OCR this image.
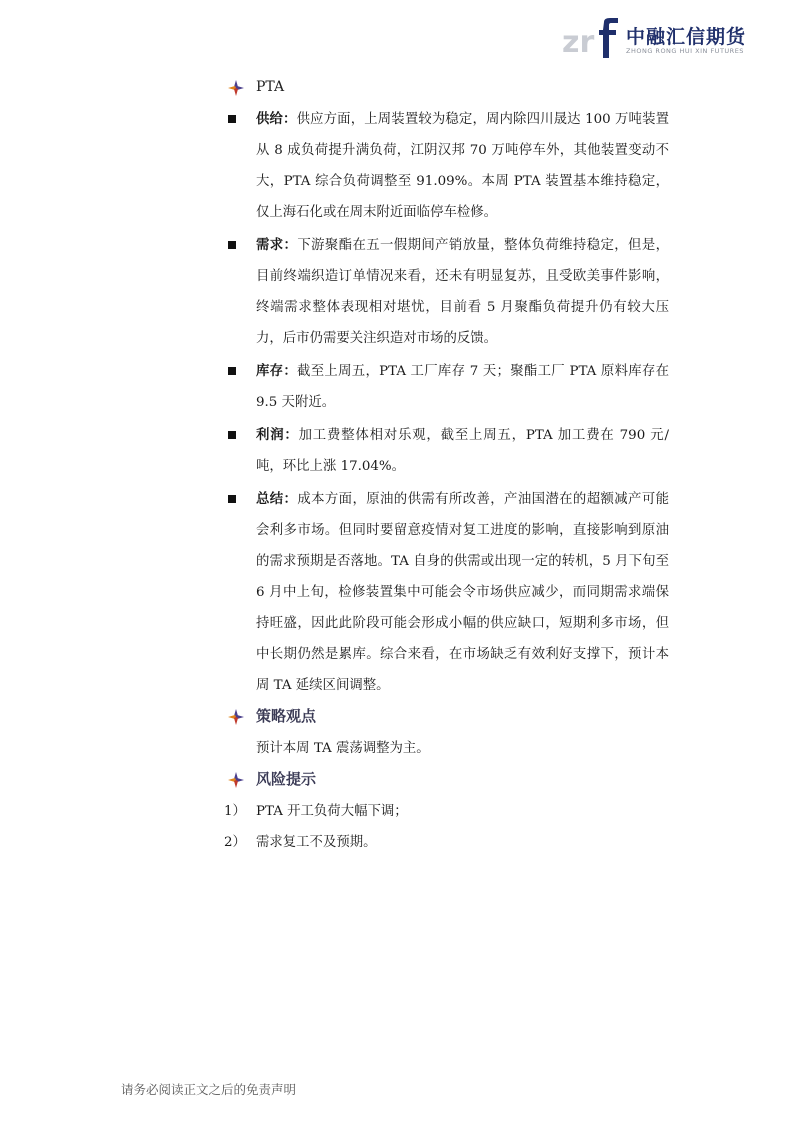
zr 中融汇信期货
ZHONG RONG HUI XIN FUTURES
PTA
供给：供应方面，上周装置较为稳定，周内除四川晟达 100 万吨装置从 8 成负荷提升满负荷，江阴汉邦 70 万吨停车外，其他装置变动不大，PTA 综合负荷调整至 91.09%。本周 PTA 装置基本维持稳定，仅上海石化或在周末附近面临停车检修。
需求：下游聚酯在五一假期间产销放量，整体负荷维持稳定，但是，目前终端织造订单情况来看，还未有明显复苏，且受欧美事件影响，终端需求整体表现相对堪忧，目前看 5 月聚酯负荷提升仍有较大压力，后市仍需要关注织造对市场的反馈。
库存：截至上周五，PTA 工厂库存 7 天；聚酯工厂 PTA 原料库存在 9.5 天附近。
利润：加工费整体相对乐观，截至上周五，PTA 加工费在 790 元/吨，环比上涨 17.04%。
总结：成本方面，原油的供需有所改善，产油国潜在的超额减产可能会利多市场。但同时要留意疫情对复工进度的影响，直接影响到原油的需求预期是否落地。TA 自身的供需或出现一定的转机，5 月下旬至 6 月中上旬，检修装置集中可能会令市场供应减少，而同期需求端保持旺盛，因此此阶段可能会形成小幅的供应缺口，短期利多市场，但中长期仍然是累库。综合来看，在市场缺乏有效利好支撑下，预计本周 TA 延续区间调整。
策略观点
预计本周 TA 震荡调整为主。
风险提示
1） PTA 开工负荷大幅下调；
2） 需求复工不及预期。
请务必阅读正文之后的免责声明
